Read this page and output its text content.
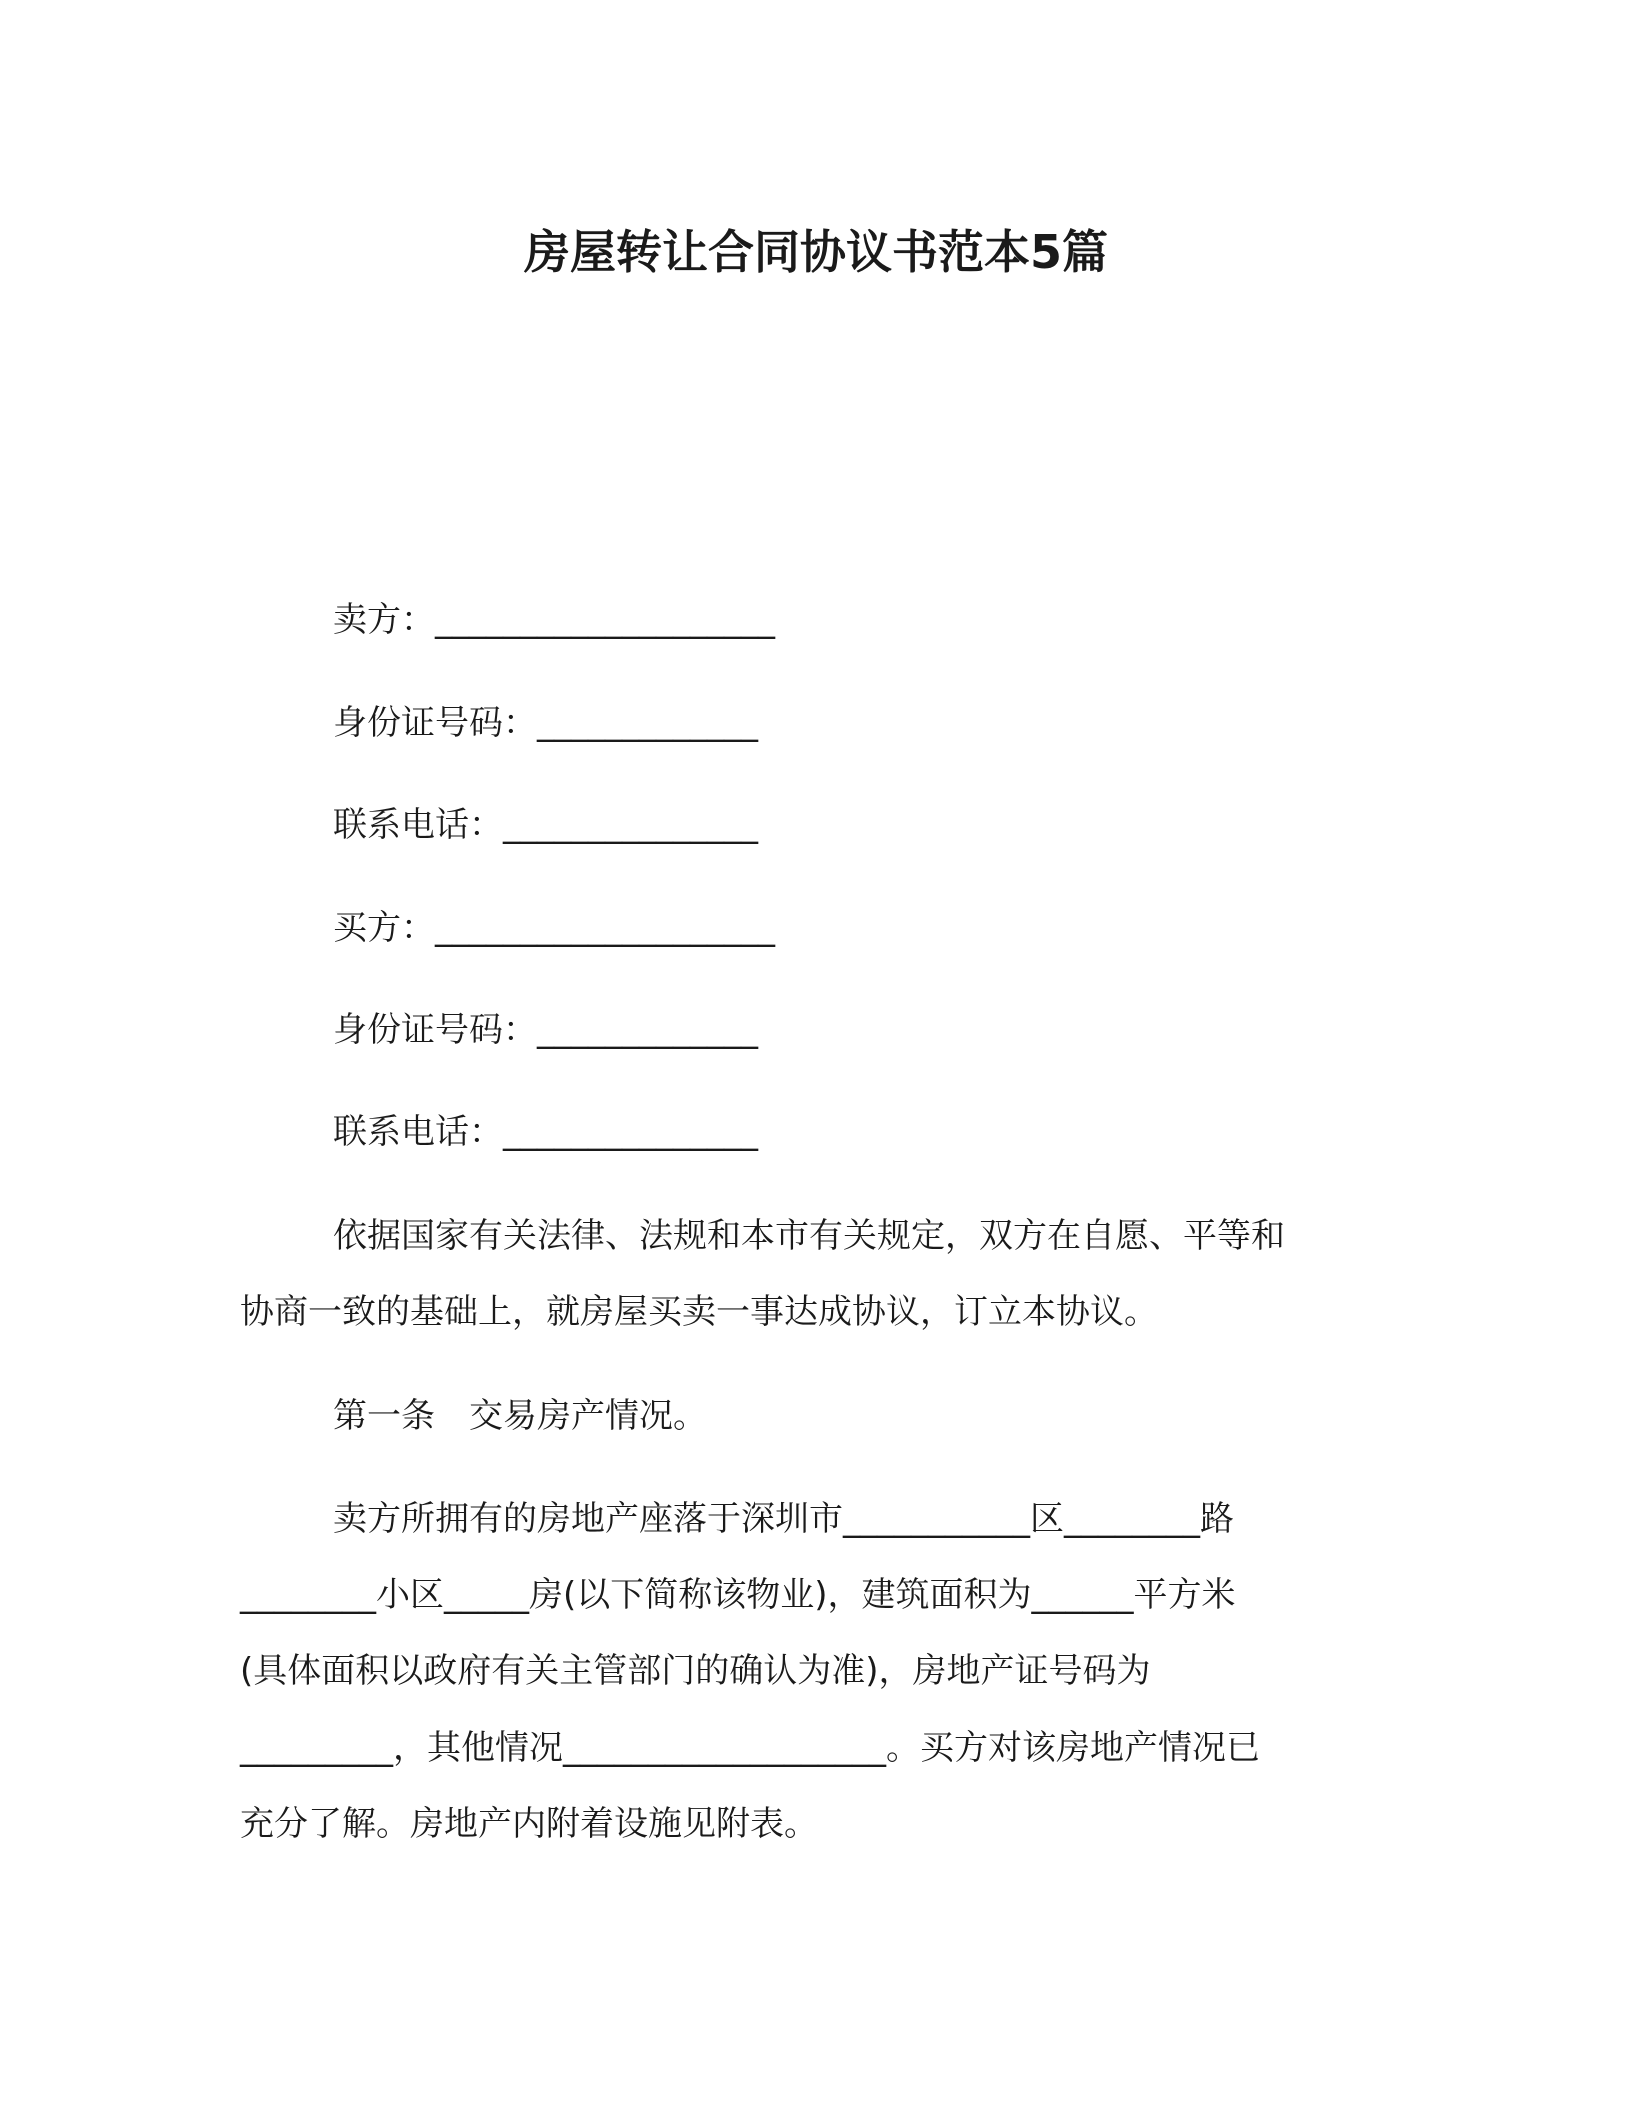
房屋转让合同协议书范本5篇
卖方：____________________
身份证号码：_____________
联系电话：_______________
买方：____________________
身份证号码：_____________
联系电话：_______________
依据国家有关法律、法规和本市有关规定，双方在自愿、平等和
协商一致的基础上，就房屋买卖一事达成协议，订立本协议。
第一条　交易房产情况。
卖方所拥有的房地产座落于深圳市___________区________路
________小区_____房(以下简称该物业)，建筑面积为______平方米
(具体面积以政府有关主管部门的确认为准)，房地产证号码为
_________，其他情况___________________。买方对该房地产情况已
充分了解。房地产内附着设施见附表。
